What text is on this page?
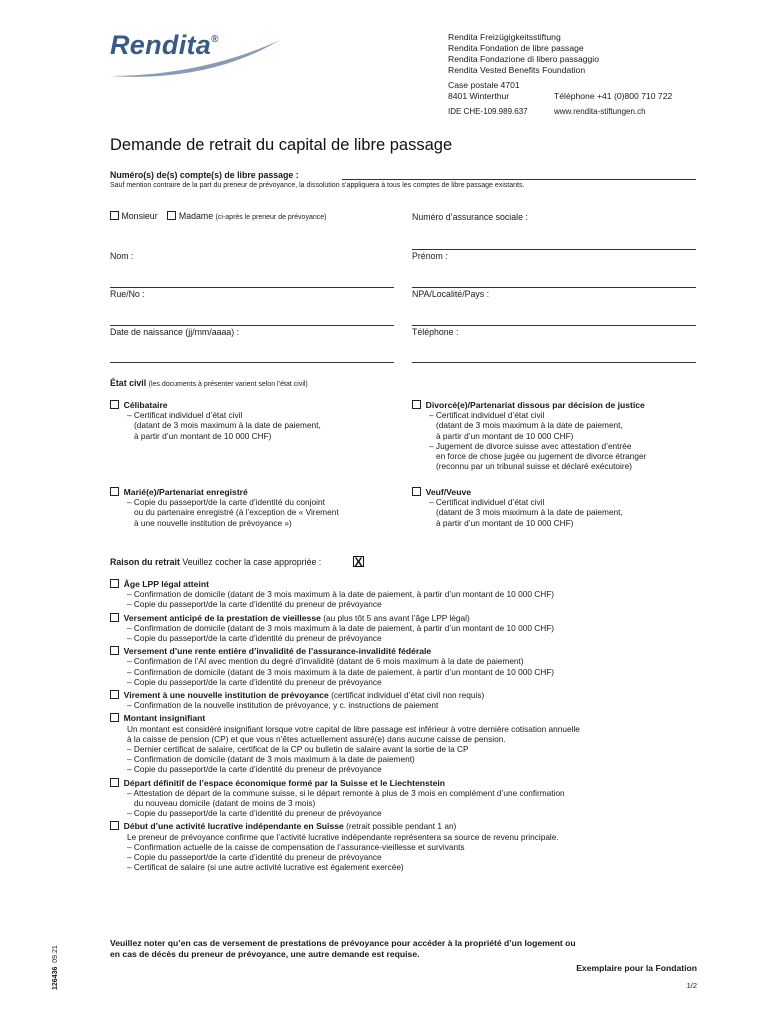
Rendita®	Rendita Freizügigkeitsstiftung
Rendita Fondation de libre passage
Rendita Fondazione di libero passaggio
Rendita Vested Benefits Foundation
Case postale 4701
8401 Winterthur	Téléphone +41 (0)800 710 722
IDE CHE-109.989.637	www.rendita-stiftungen.ch
Demande de retrait du capital de libre passage
Numéro(s) de(s) compte(s) de libre passage :
Sauf mention contraire de la part du preneur de prévoyance, la dissolution s’appliquera à tous les comptes de libre passage existants.
Monsieur Madame (ci-après le preneur de prévoyance)	Numéro d’assurance sociale :
Nom :	Prénom :
Rue/No :	NPA/Localité/Pays :
Date de naissance (jj/mm/aaaa) :	Téléphone :
État civil (les documents à présenter varient selon l’état civil)
Célibataire
– Certificat individuel d’état civil
(datant de 3 mois maximum à la date de paiement,
à partir d’un montant de 10 000 CHF)
Divorcé(e)/Partenariat dissous par décision de justice
– Certificat individuel d’état civil
(datant de 3 mois maximum à la date de paiement,
à partir d’un montant de 10 000 CHF)
– Jugement de divorce suisse avec attestation d’entrée
en force de chose jugée ou jugement de divorce étranger
(reconnu par un tribunal suisse et déclaré exécutoire)
Marié(e)/Partenariat enregistré
– Copie du passeport/de la carte d’identité du conjoint
ou du partenaire enregistré (à l’exception de « Virement
à une nouvelle institution de prévoyance »)
Veuf/Veuve
– Certificat individuel d’état civil
(datant de 3 mois maximum à la date de paiement,
à partir d’un montant de 10 000 CHF)
Raison du retrait Veuillez cocher la case appropriée :	X
Âge LPP légal atteint
– Confirmation de domicile (datant de 3 mois maximum à la date de paiement, à partir d’un montant de 10 000 CHF)
– Copie du passeport/de la carte d’identité du preneur de prévoyance
Versement anticipé de la prestation de vieillesse (au plus tôt 5 ans avant l’âge LPP légal)
– Confirmation de domicile (datant de 3 mois maximum à la date de paiement, à partir d’un montant de 10 000 CHF)
– Copie du passeport/de la carte d’identité du preneur de prévoyance
Versement d’une rente entière d’invalidité de l’assurance-invalidité fédérale
– Confirmation de l’AI avec mention du degré d’invalidité (datant de 6 mois maximum à la date de paiement)
– Confirmation de domicile (datant de 3 mois maximum à la date de paiement, à partir d’un montant de 10 000 CHF)
– Copie du passeport/de la carte d’identité du preneur de prévoyance
Virement à une nouvelle institution de prévoyance (certificat individuel d’état civil non requis)
– Confirmation de la nouvelle institution de prévoyance, y c. instructions de paiement
Montant insignifiant
Un montant est considéré insignifiant lorsque votre capital de libre passage est inférieur à votre dernière cotisation annuelle
à la caisse de pension (CP) et que vous n’êtes actuellement assuré(e) dans aucune caisse de pension.
– Dernier certificat de salaire, certificat de la CP ou bulletin de salaire avant la sortie de la CP
– Confirmation de domicile (datant de 3 mois maximum à la date de paiement)
– Copie du passeport/de la carte d’identité du preneur de prévoyance
Départ définitif de l’espace économique formé par la Suisse et le Liechtenstein
– Attestation de départ de la commune suisse, si le départ remonte à plus de 3 mois en complément d’une confirmation
du nouveau domicile (datant de moins de 3 mois)
– Copie du passeport/de la carte d’identité du preneur de prévoyance
Début d’une activité lucrative indépendante en Suisse (retrait possible pendant 1 an)
Le preneur de prévoyance confirme que l’activité lucrative indépendante représentera sa source de revenu principale.
– Confirmation actuelle de la caisse de compensation de l’assurance-vieillesse et survivants
– Copie du passeport/de la carte d’identité du preneur de prévoyance
– Certificat de salaire (si une autre activité lucrative est également exercée)
Veuillez noter qu’en cas de versement de prestations de prévoyance pour accéder à la propriété d’un logement ou
en cas de décès du preneur de prévoyance, une autre demande est requise.
Exemplaire pour la Fondation
1/2
126436  09.21
